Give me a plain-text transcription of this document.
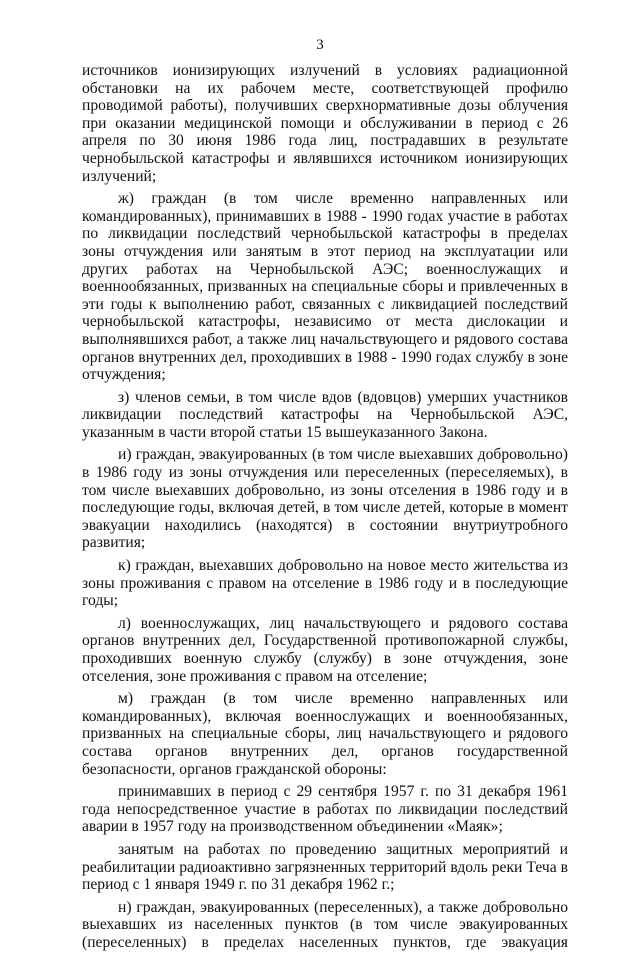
3

источников ионизирующих излучений в условиях радиационной обстановки на их рабочем месте, соответствующей профилю проводимой работы), получивших сверхнормативные дозы облучения при оказании медицинской помощи и обслуживании в период с 26 апреля по 30 июня 1986 года лиц, пострадавших в результате чернобыльской катастрофы и являвшихся источником ионизирующих излучений;

ж) граждан (в том числе временно направленных или командированных), принимавших в 1988 - 1990 годах участие в работах по ликвидации последствий чернобыльской катастрофы в пределах зоны отчуждения или занятым в этот период на эксплуатации или других работах на Чернобыльской АЭС; военнослужащих и военнообязанных, призванных на специальные сборы и привлеченных в эти годы к выполнению работ, связанных с ликвидацией последствий чернобыльской катастрофы, независимо от места дислокации и выполнявшихся работ, а также лиц начальствующего и рядового состава органов внутренних дел, проходивших в 1988 - 1990 годах службу в зоне отчуждения;

з) членов семьи, в том числе вдов (вдовцов) умерших участников ликвидации последствий катастрофы на Чернобыльской АЭС, указанным в части второй статьи 15 вышеуказанного Закона.

и) граждан, эвакуированных (в том числе выехавших добровольно) в 1986 году из зоны отчуждения или переселенных (переселяемых), в том числе выехавших добровольно, из зоны отселения в 1986 году и в последующие годы, включая детей, в том числе детей, которые в момент эвакуации находились (находятся) в состоянии внутриутробного развития;

к) граждан, выехавших добровольно на новое место жительства из зоны проживания с правом на отселение в 1986 году и в последующие годы;

л) военнослужащих, лиц начальствующего и рядового состава органов внутренних дел, Государственной противопожарной службы, проходивших военную службу (службу) в зоне отчуждения, зоне отселения, зоне проживания с правом на отселение;

м) граждан (в том числе временно направленных или командированных), включая военнослужащих и военнообязанных, призванных на специальные сборы, лиц начальствующего и рядового состава органов внутренних дел, органов государственной безопасности, органов гражданской обороны:

принимавших в период с 29 сентября 1957 г. по 31 декабря 1961 года непосредственное участие в работах по ликвидации последствий аварии в 1957 году на производственном объединении «Маяк»;

занятым на работах по проведению защитных мероприятий и реабилитации радиоактивно загрязненных территорий вдоль реки Теча в период с 1 января 1949 г. по 31 декабря 1962 г.;

н) граждан, эвакуированных (переселенных), а также добровольно выехавших из населенных пунктов (в том числе эвакуированных (переселенных) в пределах населенных пунктов, где эвакуация
